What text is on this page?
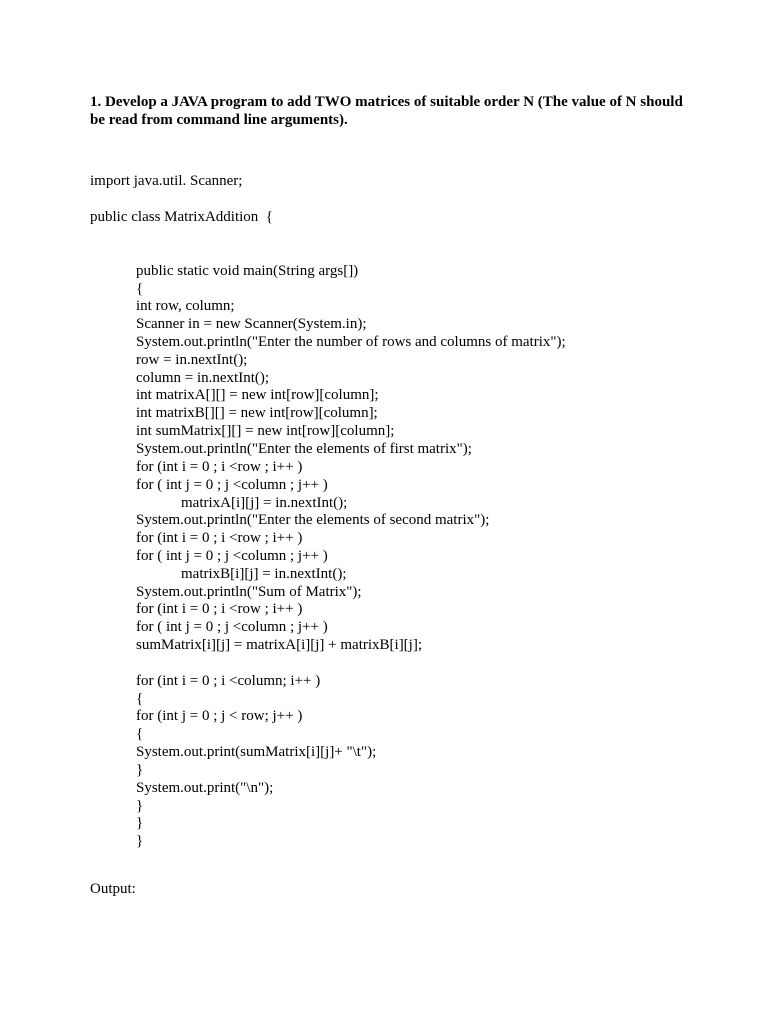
1. Develop a JAVA program to add TWO matrices of suitable order N (The value of N should be read from command line arguments).

import java.util. Scanner;
public class MatrixAddition  {
public static void main(String args[])
{
int row, column;
Scanner in = new Scanner(System.in);
System.out.println("Enter the number of rows and columns of matrix");
row = in.nextInt();
column = in.nextInt();
int matrixA[][] = new int[row][column];
int matrixB[][] = new int[row][column];
int sumMatrix[][] = new int[row][column];
System.out.println("Enter the elements of first matrix");
for (int i = 0 ; i <row ; i++ )
for ( int j = 0 ; j <column ; j++ )
matrixA[i][j] = in.nextInt();
System.out.println("Enter the elements of second matrix");
for (int i = 0 ; i <row ; i++ )
for ( int j = 0 ; j <column ; j++ )
matrixB[i][j] = in.nextInt();
System.out.println("Sum of Matrix");
for (int i = 0 ; i <row ; i++ )
for ( int j = 0 ; j <column ; j++ )
sumMatrix[i][j] = matrixA[i][j] + matrixB[i][j];
for (int i = 0 ; i <column; i++ )
{
for (int j = 0 ; j < row; j++ )
{
System.out.print(sumMatrix[i][j]+ "\t");
}
System.out.print("\n");
}
}
}
Output:
